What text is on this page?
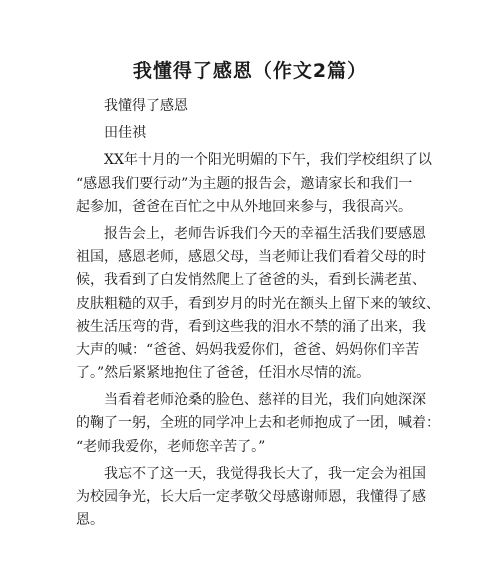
我懂得了感恩（作文2篇）
我懂得了感恩
田佳祺
XX年十月的一个阳光明媚的下午，我们学校组织了以
“感恩我们要行动”为主题的报告会，邀请家长和我们一
起参加，爸爸在百忙之中从外地回来参与，我很高兴。
报告会上，老师告诉我们今天的幸福生活我们要感恩
祖国，感恩老师，感恩父母，当老师让我们看着父母的时
候，我看到了白发悄然爬上了爸爸的头，看到长满老茧、
皮肤粗糙的双手，看到岁月的时光在额头上留下来的皱纹、
被生活压弯的背，看到这些我的泪水不禁的涌了出来，我
大声的喊：“爸爸、妈妈我爱你们，爸爸、妈妈你们辛苦
了。”然后紧紧地抱住了爸爸，任泪水尽情的流。
当看着老师沧桑的脸色、慈祥的目光，我们向她深深
的鞠了一躬，全班的同学冲上去和老师抱成了一团，喊着：
“老师我爱你，老师您辛苦了。”
我忘不了这一天，我觉得我长大了，我一定会为祖国
为校园争光，长大后一定孝敬父母感谢师恩，我懂得了感
恩。
